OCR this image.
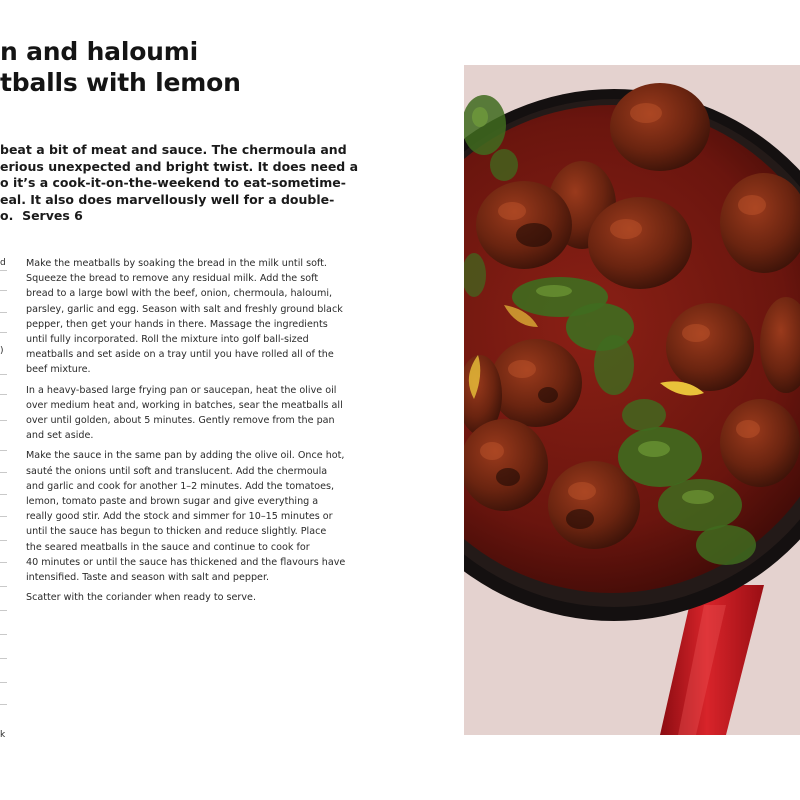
n and haloumi
tballs with lemon
beat a bit of meat and sauce. The chermoula and
erious unexpected and bright twist. It does need a
o it’s a cook-it-on-the-weekend to eat-sometime-
eal. It also does marvellously well for a double-
o. Serves 6
d
)
k

Make the meatballs by soaking the bread in the milk until soft.
Squeeze the bread to remove any residual milk. Add the soft
bread to a large bowl with the beef, onion, chermoula, haloumi,
parsley, garlic and egg. Season with salt and freshly ground black
pepper, then get your hands in there. Massage the ingredients
until fully incorporated. Roll the mixture into golf ball-sized
meatballs and set aside on a tray until you have rolled all of the
beef mixture.

In a heavy-based large frying pan or saucepan, heat the olive oil
over medium heat and, working in batches, sear the meatballs all
over until golden, about 5 minutes. Gently remove from the pan
and set aside.

Make the sauce in the same pan by adding the olive oil. Once hot,
sauté the onions until soft and translucent. Add the chermoula
and garlic and cook for another 1–2 minutes. Add the tomatoes,
lemon, tomato paste and brown sugar and give everything a
really good stir. Add the stock and simmer for 10–15 minutes or
until the sauce has begun to thicken and reduce slightly. Place
the seared meatballs in the sauce and continue to cook for
40 minutes or until the sauce has thickened and the flavours have
intensified. Taste and season with salt and pepper.

Scatter with the coriander when ready to serve.
